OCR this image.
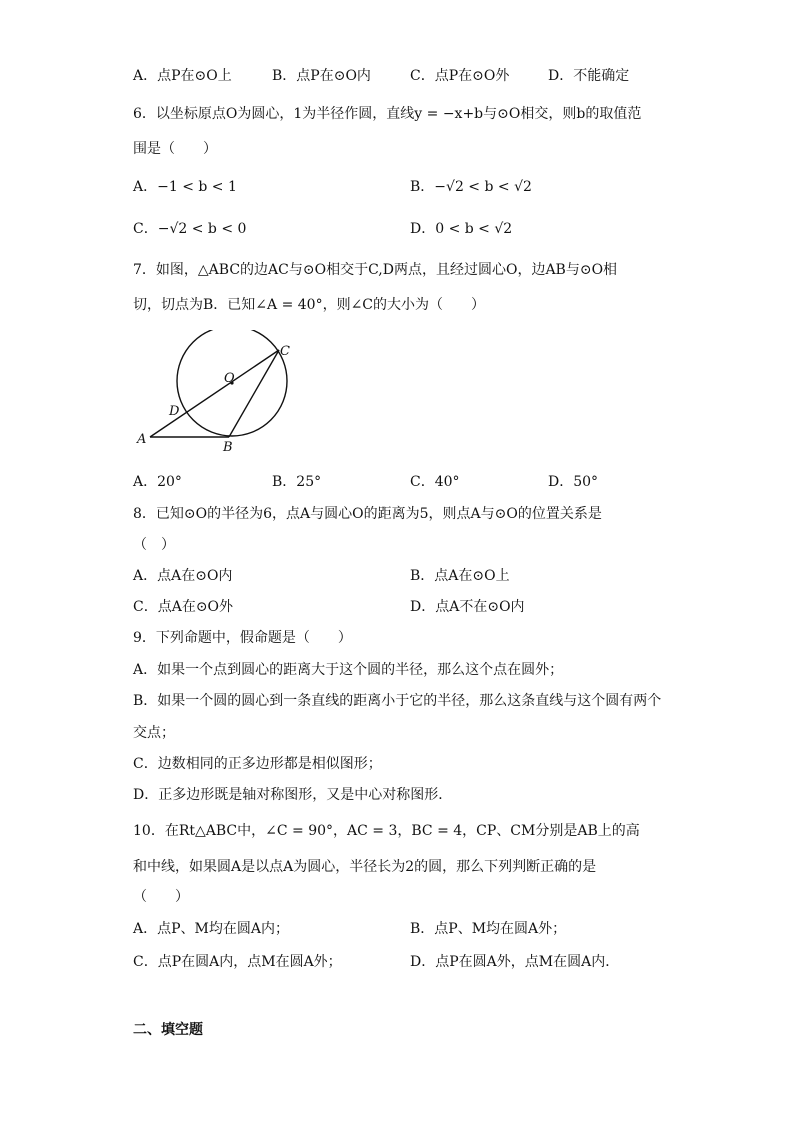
A．点P在⊙O上	B．点P在⊙O内	C．点P在⊙O外	D．不能确定
6．以坐标原点O为圆心，1为半径作圆，直线y = −x+b与⊙O相交，则b的取值范
围是（　　）
A．−1 < b < 1	B．−√2 < b < √2
C．−√2 < b < 0	D．0 < b < √2
7．如图，△ABC的边AC与⊙O相交于C,D两点，且经过圆心O，边AB与⊙O相
切，切点为B．已知∠A = 40°，则∠C的大小为（　　）
O
C
D
A
B
A．20°	B．25°	C．40°	D．50°
8．已知⊙O的半径为6，点A与圆心O的距离为5，则点A与⊙O的位置关系是
（　）
A．点A在⊙O内	B．点A在⊙O上
C．点A在⊙O外	D．点A不在⊙O内
9．下列命题中，假命题是（　　）
A．如果一个点到圆心的距离大于这个圆的半径，那么这个点在圆外；
B．如果一个圆的圆心到一条直线的距离小于它的半径，那么这条直线与这个圆有两个
交点；
C．边数相同的正多边形都是相似图形；
D．正多边形既是轴对称图形，又是中心对称图形．
10．在Rt△ABC中，∠C = 90°，AC = 3，BC = 4，CP、CM分别是AB上的高
和中线，如果圆A是以点A为圆心，半径长为2的圆，那么下列判断正确的是
（　　）
A．点P、M均在圆A内；	B．点P、M均在圆A外；
C．点P在圆A内，点M在圆A外；	D．点P在圆A外，点M在圆A内．
二、填空题
